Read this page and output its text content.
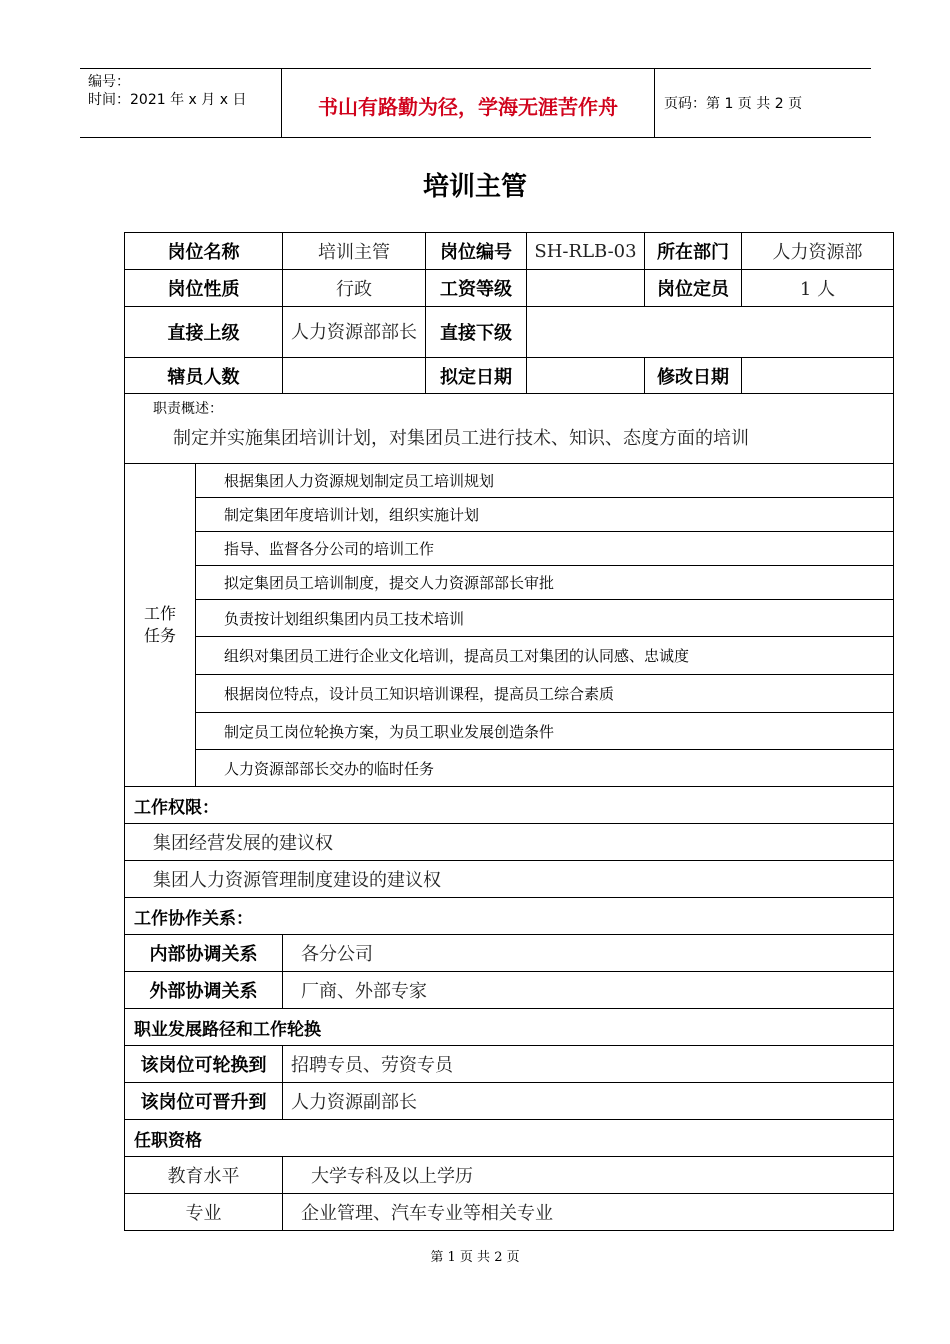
编号：
时间：2021 年 x 月 x 日	书山有路勤为径，学海无涯苦作舟	页码：第 1 页 共 2 页
培训主管
岗位名称		培训主管	岗位编号	SH-RLB-03	所在部门	人力资源部
岗位性质		行政	工资等级		岗位定员	1 人
直接上级		人力资源部部长	直接下级			
辖员人数			拟定日期		修改日期	

职责概述：
制定并实施集团培训计划，对集团员工进行技术、知识、态度方面的培训						

工作
任务	根据集团人力资源规划制定员工培训规划					
	制定集团年度培训计划，组织实施计划					
	指导、监督各分公司的培训工作					
	拟定集团员工培训制度，提交人力资源部部长审批					
	负责按计划组织集团内员工技术培训					
	组织对集团员工进行企业文化培训，提高员工对集团的认同感、忠诚度					
	根据岗位特点，设计员工知识培训课程，提高员工综合素质					
	制定员工岗位轮换方案，为员工职业发展创造条件					
	人力资源部部长交办的临时任务					
工作权限：						
集团经营发展的建议权						
集团人力资源管理制度建设的建议权						
工作协作关系：						
内部协调关系		各分公司				
外部协调关系		厂商、外部专家				
职业发展路径和工作轮换						
该岗位可轮换到		招聘专员、劳资专员				
该岗位可晋升到		人力资源副部长				
任职资格						
教育水平		大学专科及以上学历				
专业		企业管理、汽车专业等相关专业				
第 1 页 共 2 页
